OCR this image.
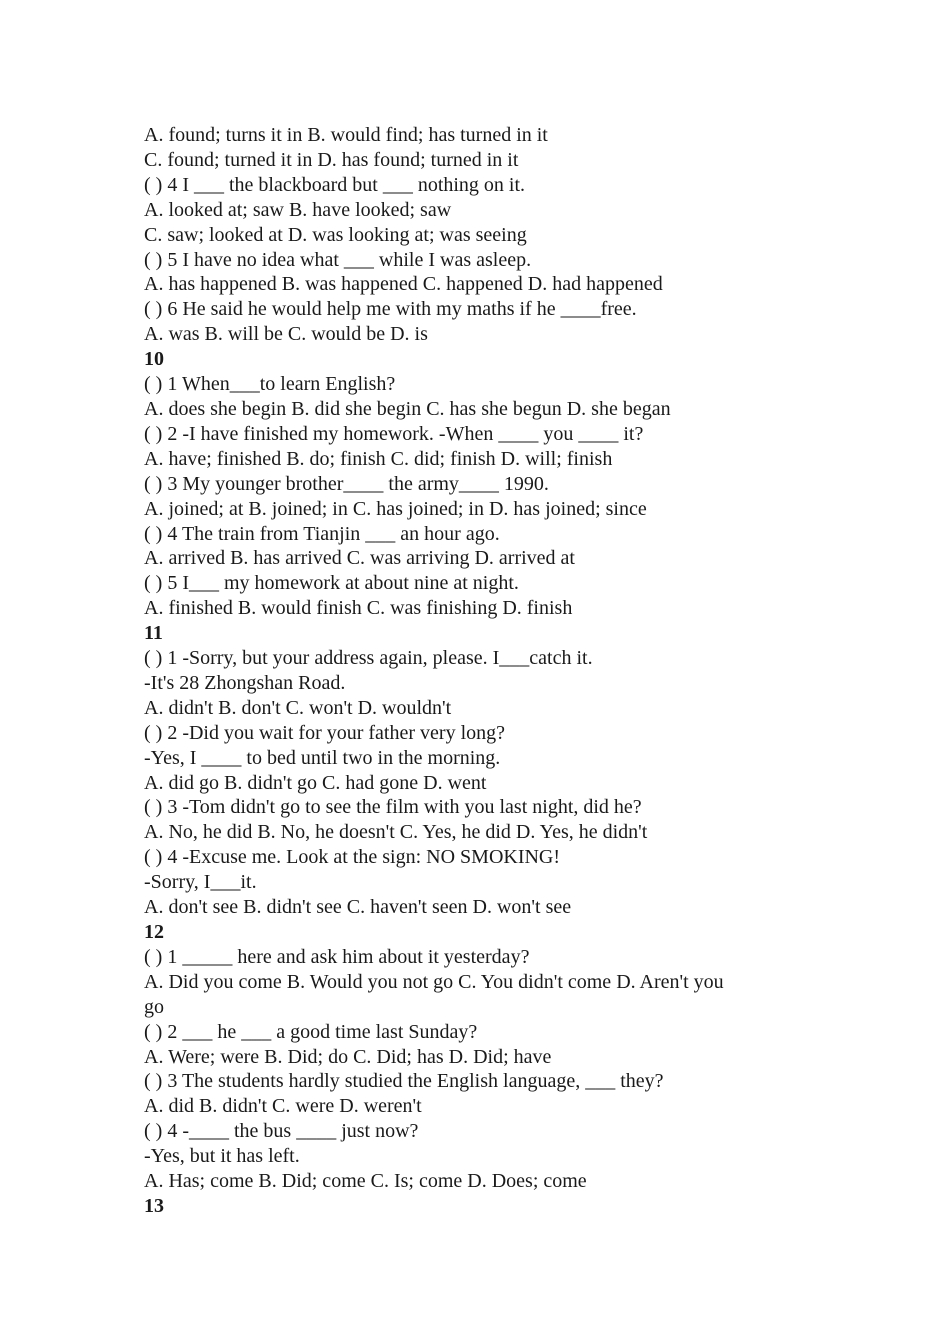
A. found; turns it in B. would find; has turned in it
C. found; turned it in D. has found; turned in it
( ) 4 I ___ the blackboard but ___ nothing on it.
A. looked at; saw B. have looked; saw
C. saw; looked at D. was looking at; was seeing
( ) 5 I have no idea what ___ while I was asleep.
A. has happened B. was happened C. happened D. had happened
( ) 6 He said he would help me with my maths if he ____free.
A. was B. will be C. would be D. is
10
( ) 1 When___to learn English?
A. does she begin B. did she begin C. has she begun D. she began
( ) 2 -I have finished my homework. -When ____ you ____ it?
A. have; finished B. do; finish C. did; finish D. will; finish
( ) 3 My younger brother____ the army____ 1990.
A. joined; at B. joined; in C. has joined; in D. has joined; since
( ) 4 The train from Tianjin ___ an hour ago.
A. arrived B. has arrived C. was arriving D. arrived at
( ) 5 I___ my homework at about nine at night.
A. finished B. would finish C. was finishing D. finish
11
( ) 1 -Sorry, but your address again, please. I___catch it.
-It's 28 Zhongshan Road.
A. didn't B. don't C. won't D. wouldn't
( ) 2 -Did you wait for your father very long?
-Yes, I ____ to bed until two in the morning.
A. did go B. didn't go C. had gone D. went
( ) 3 -Tom didn't go to see the film with you last night, did he?
A. No, he did B. No, he doesn't C. Yes, he did D. Yes, he didn't
( ) 4 -Excuse me. Look at the sign: NO SMOKING!
-Sorry, I___it.
A. don't see B. didn't see C. haven't seen D. won't see
12
( ) 1 _____ here and ask him about it yesterday?
A. Did you come B. Would you not go C. You didn't come D. Aren't you
go
( ) 2 ___ he ___ a good time last Sunday?
A. Were; were B. Did; do C. Did; has D. Did; have
( ) 3 The students hardly studied the English language, ___ they?
A. did B. didn't C. were D. weren't
( ) 4 -____ the bus ____ just now?
-Yes, but it has left.
A. Has; come B. Did; come C. Is; come D. Does; come
13
